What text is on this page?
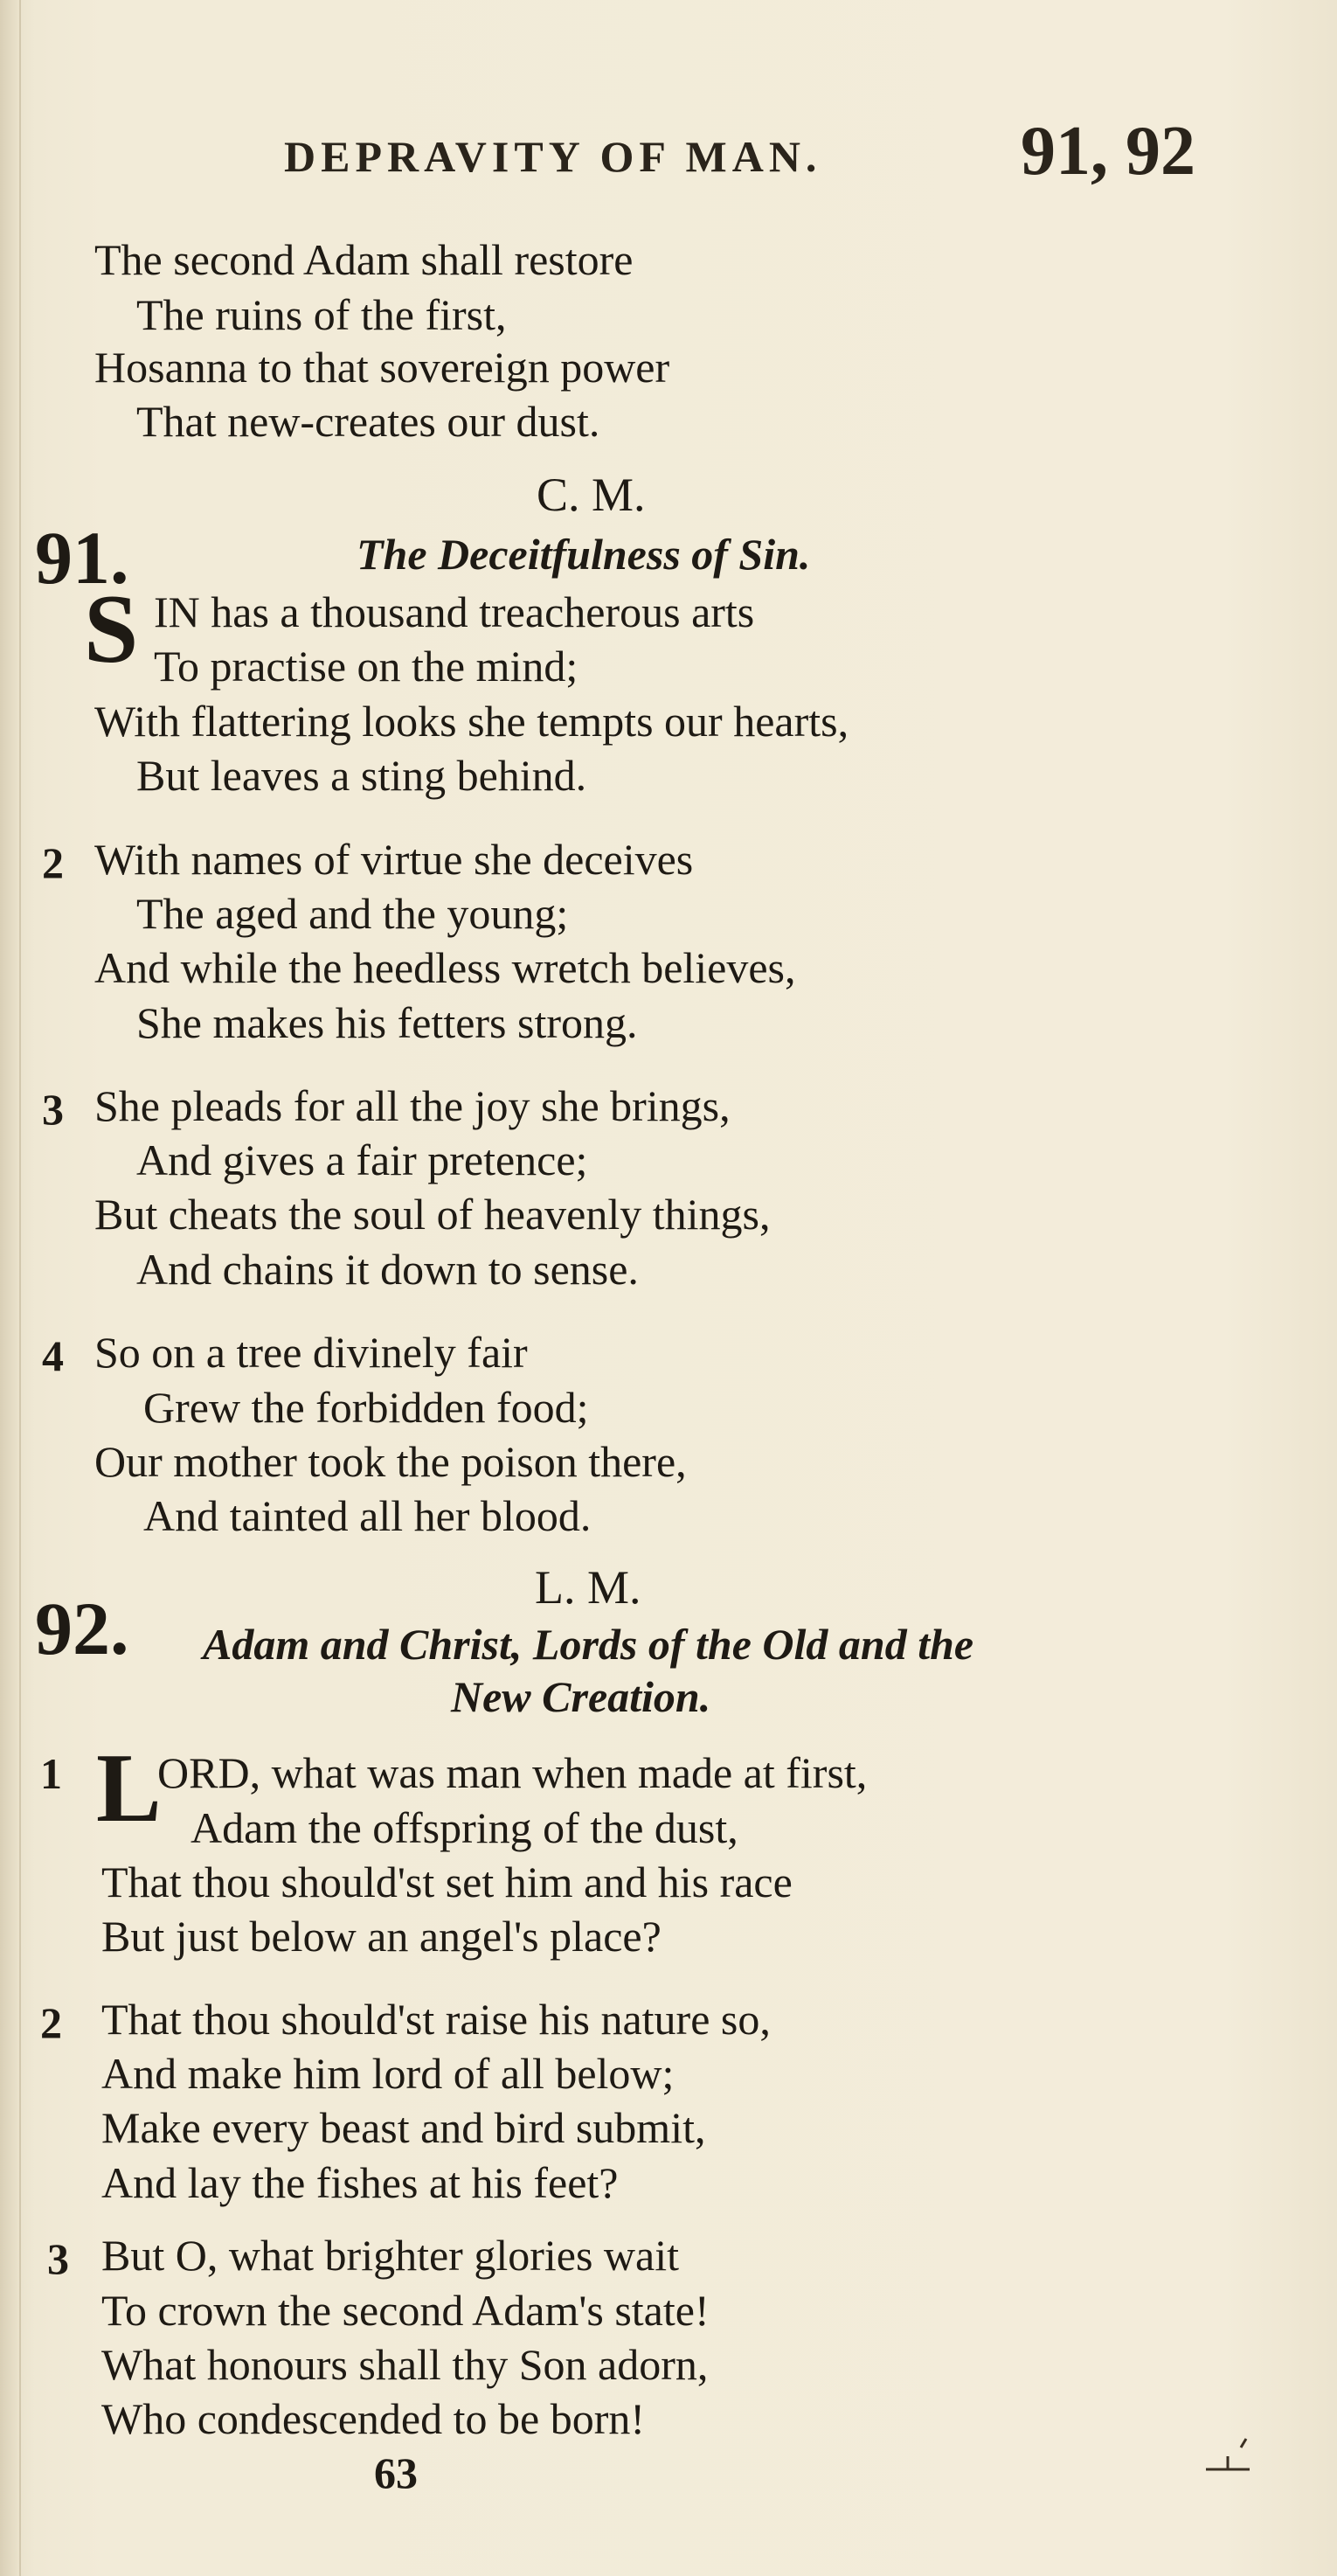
DEPRAVITY OF MAN.	91, 92
The second Adam shall restore
The ruins of the first,
Hosanna to that sovereign power
That new-creates our dust.
C. M.
91.	The Deceitfulness of Sin.
S IN has a thousand treacherous arts
To practise on the mind;
With flattering looks she tempts our hearts,
But leaves a sting behind.
2 With names of virtue she deceives
The aged and the young;
And while the heedless wretch believes,
She makes his fetters strong.
3 She pleads for all the joy she brings,
And gives a fair pretence;
But cheats the soul of heavenly things,
And chains it down to sense.
4 So on a tree divinely fair
Grew the forbidden food;
Our mother took the poison there,
And tainted all her blood.
L. M.
92. Adam and Christ, Lords of the Old and the
New Creation.
1 L
ORD, what was man when made at first,
Adam the offspring of the dust,
That thou should'st set him and his race
But just below an angel's place?
2 That thou should'st raise his nature so,
And make him lord of all below;
Make every beast and bird submit,
And lay the fishes at his feet?
3 But O, what brighter glories wait
To crown the second Adam's state!
What honours shall thy Son adorn,
Who condescended to be born!
63
